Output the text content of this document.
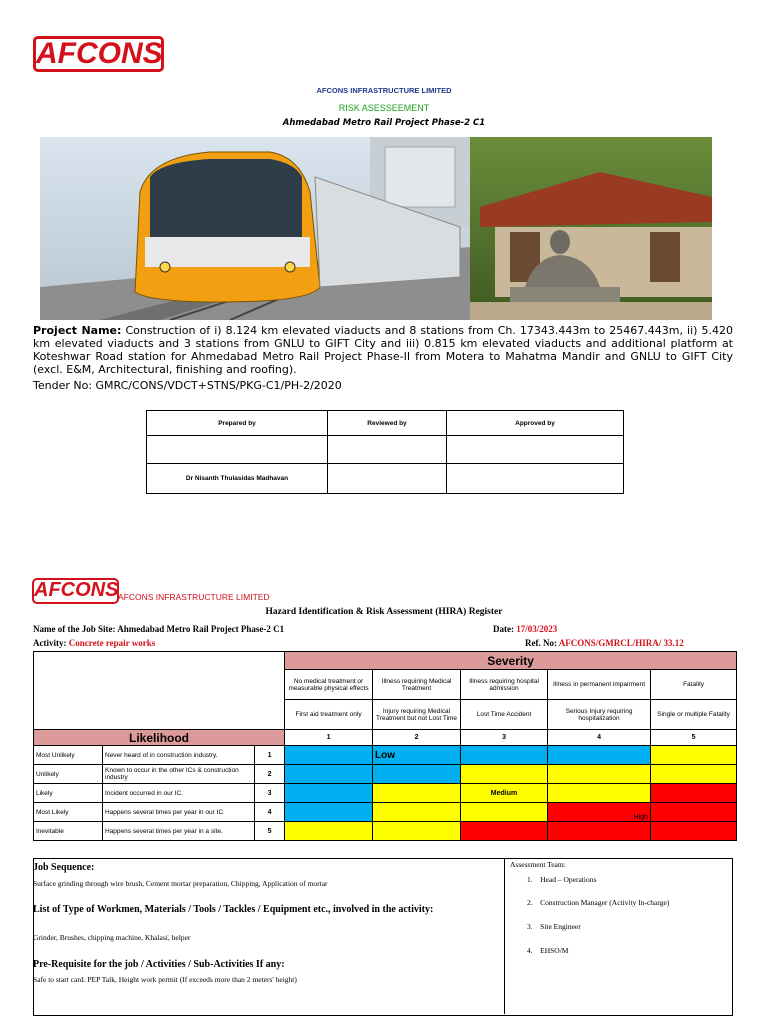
AFCONS
AFCONS INFRASTRUCTURE LIMITED
RISK ASESSEEMENT
Ahmedabad Metro Rail Project Phase-2 C1
Project Name: Construction of i) 8.124 km elevated viaducts and 8 stations from Ch. 17343.443m to 25467.443m, ii) 5.420 km elevated viaducts and 3 stations from GNLU to GIFT City and iii) 0.815 km elevated viaducts and additional platform at Koteshwar Road station for Ahmedabad Metro Rail Project Phase-II from Motera to Mahatma Mandir and GNLU to GIFT City (excl. E&M, Architectural, finishing and roofing).
Tender No: GMRC/CONS/VDCT+STNS/PKG-C1/PH-2/2020
Prepared by	Reviewed by	Approved by

Dr Nisanth Thulasidas Madhavan		
AFCONS AFCONS INFRASTRUCTURE LIMITED
Hazard Identification & Risk Assessment (HIRA) Register
Name of the Job Site: Ahmedabad Metro Rail Project Phase-2 C1	Date: 17/03/2023
Activity: Concrete repair works	Ref. No: AFCONS/GMRCL/HIRA/ 33.12
			Severity				
			No medical treatment or measurable physical effects	Illness requiring Medical Treatment	Illness requiring hospital admission	Illness in permanent impairment	Fatality
			First aid treatment only	Injury requiring Medical Treatment but not Lost Time	Lost Time Accident	Serious Injury requiring hospitalization	Single or multiple Fatality
Likelihood			1	2	3	4	5
Most Unlikely	Never heard of in construction industry.	1		Low			
Unlikely	Known to occur in the other ICs & construction industry	2					
Likely	Incident occurred in our IC.	3			Medium		
Most Likely	Happens several times per year in our IC	4				High	
Inevitable	Happens several times per year in a site.	5					
Job Sequence:
Surface grinding through wire brush, Cement mortar preparation, Chipping, Application of mortar
List of Type of Workmen, Materials / Tools / Tackles / Equipment etc., involved in the activity:
Grinder, Brushes, chipping machine, Khalasi, helper
Pre-Requisite for the job / Activities / Sub-Activities If any:
Safe to start card. PEP Talk, Height work permit (If exceeds more than 2 meters' height)
Assessment Team:
1.    Head – Operations
2.    Construction Manager (Activity In-charge)
3.    Site Engineer
4.    EHSO/M
